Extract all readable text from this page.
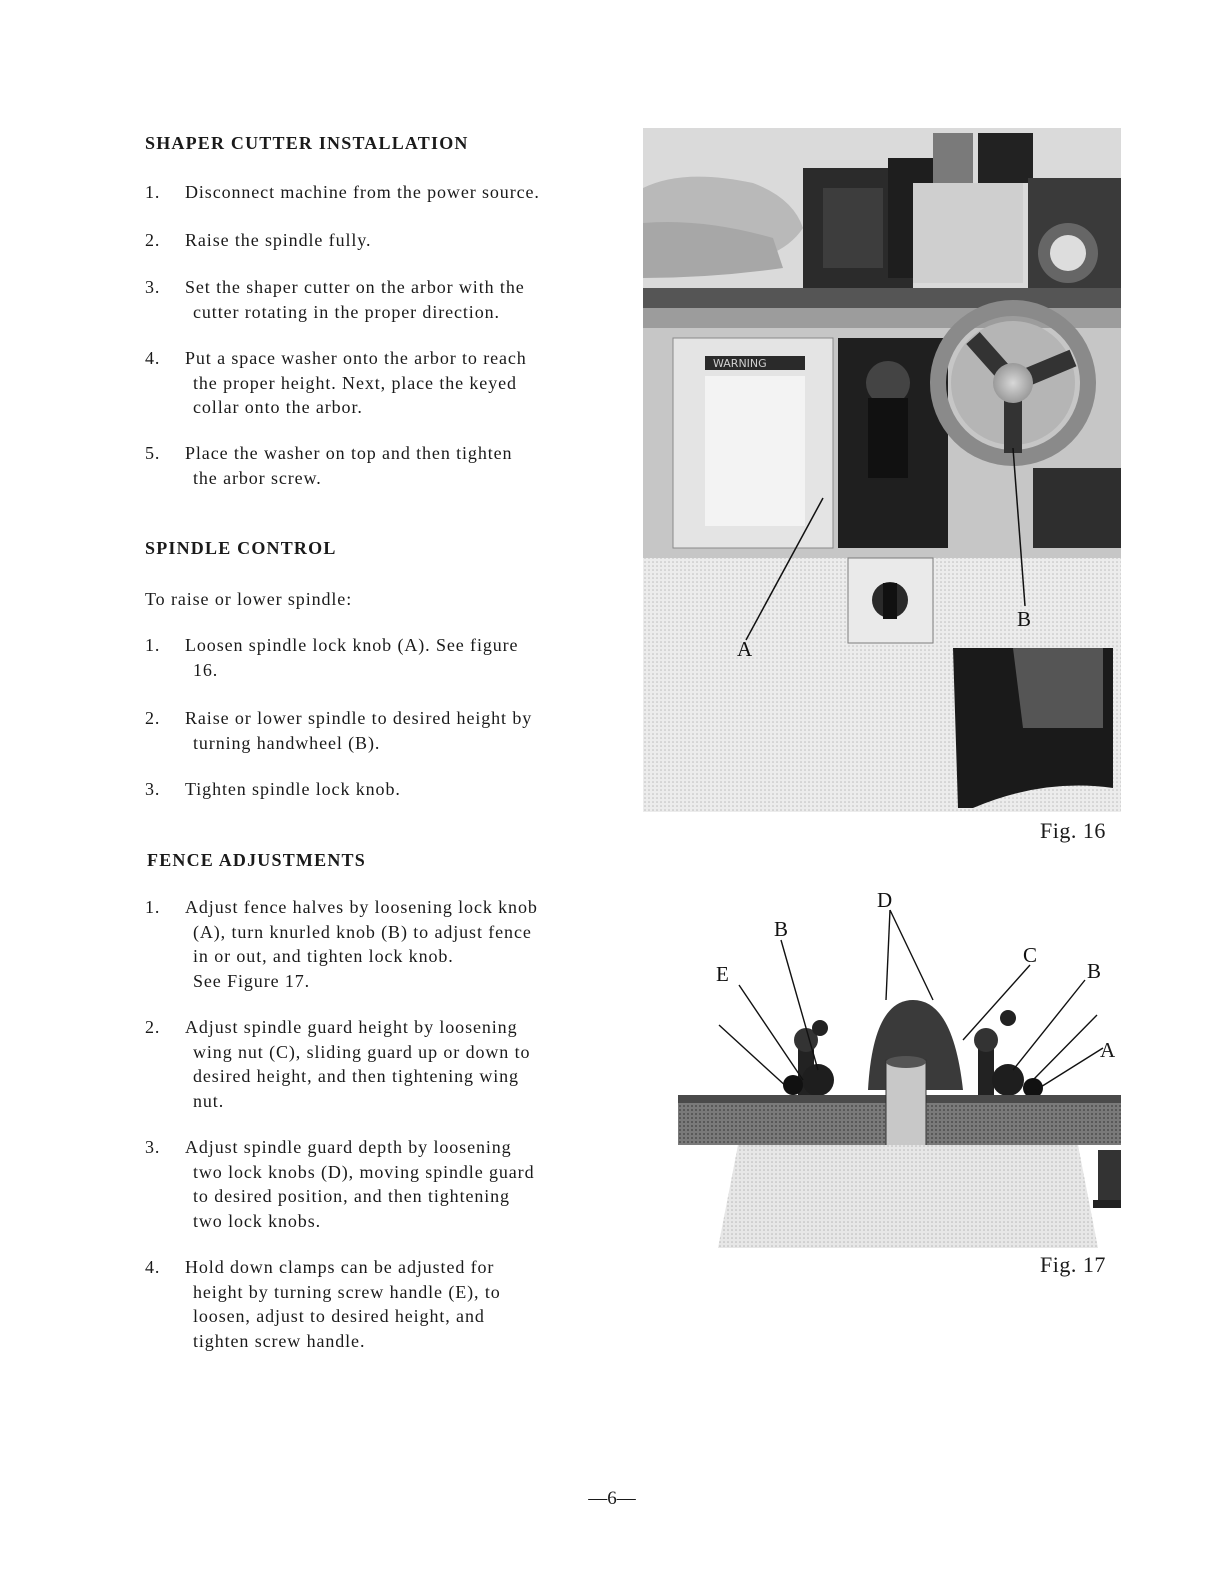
SHAPER CUTTER INSTALLATION
1. Disconnect machine from the power source.
2. Raise the spindle fully.
3. Set the shaper cutter on the arbor with the
cutter rotating in the proper direction.
4. Put a space washer onto the arbor to reach
the proper height. Next, place the keyed
collar onto the arbor.
5. Place the washer on top and then tighten
the arbor screw.
SPINDLE CONTROL
To raise or lower spindle:
1. Loosen spindle lock knob (A). See figure
16.
2. Raise or lower spindle to desired height by
turning handwheel (B).
3. Tighten spindle lock knob.
FENCE ADJUSTMENTS
1. Adjust fence halves by loosening lock knob
(A), turn knurled knob (B) to adjust fence
in or out, and tighten lock knob.
See Figure 17.
2. Adjust spindle guard height by loosening
wing nut (C), sliding guard up or down to
desired height, and then tightening wing
nut.
3. Adjust spindle guard depth by loosening
two lock knobs (D), moving spindle guard
to desired position, and then tightening
two lock knobs.
4. Hold down clamps can be adjusted for
height by turning screw handle (E), to
loosen, adjust to desired height, and
tighten screw handle.
WARNING
A
B
Fig. 16
D
B
E
C
B
A
Fig. 17
—6—
